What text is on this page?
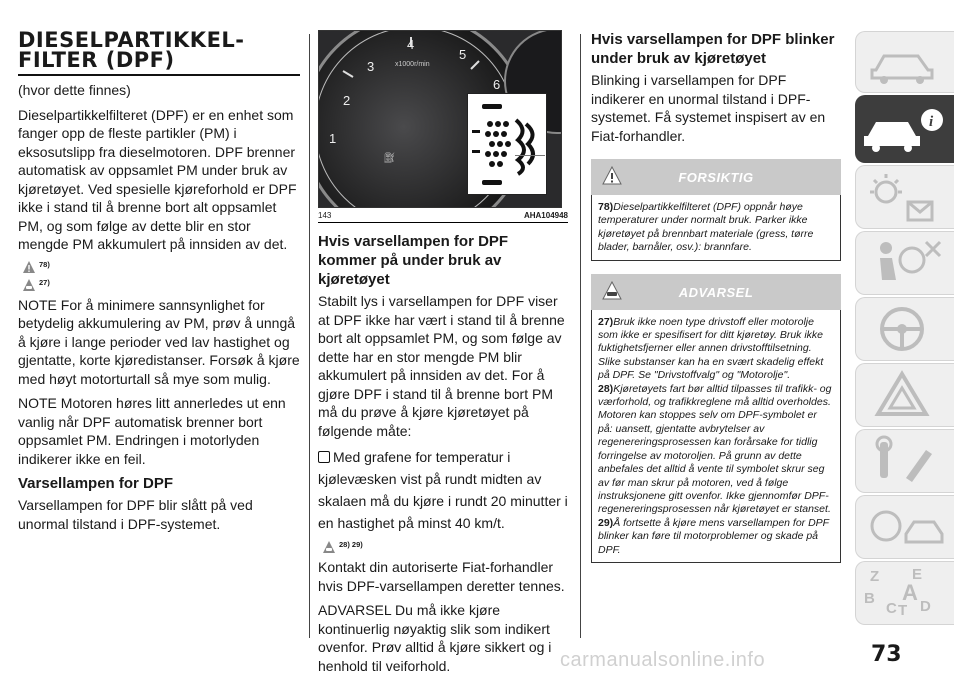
DIESELPARTIKKEL-FILTER (DPF)

(hvor dette finnes)

Dieselpartikkelfilteret (DPF) er en enhet som fanger opp de fleste partikler (PM) i eksosutslipp fra dieselmotoren. DPF brenner automatisk av oppsamlet PM under bruk av kjøretøyet. Ved spesielle kjøreforhold er DPF ikke i stand til å brenne bort alt oppsamlet PM, og som følge av dette blir en stor mengde PM akkumulert på innsiden av det.

78)
27)

NOTE For å minimere sannsynlighet for betydelig akkumulering av PM, prøv å unngå å kjøre i lange perioder ved lav hastighet og gjentatte, korte kjøredistanser. Forsøk å kjøre med høyt motorturtall så mye som mulig.

NOTE Motoren høres litt annerledes ut enn vanlig når DPF automatisk brenner bort oppsamlet PM. Endringen i motorlyden indikerer ikke en feil.

Varsellampen for DPF

Varsellampen for DPF blir slått på ved unormal tilstand i DPF-systemet.

3
4
5
6
2
1
x1000r/min
⛽︎
143	AHA104948
Hvis varsellampen for DPF kommer på under bruk av kjøretøyet

Stabilt lys i varsellampen for DPF viser at DPF ikke har vært i stand til å brenne bort alt oppsamlet PM, og som følge av dette har en stor mengde PM blir akkumulert på innsiden av det. For å gjøre DPF i stand til å brenne bort PM må du prøve å kjøre kjøretøyet på følgende måte:

Med grafene for temperatur i kjølevæsken vist på rundt midten av skalaen må du kjøre i rundt 20 minutter i en hastighet på minst 40 km/t.

28) 29)

Kontakt din autoriserte Fiat-forhandler hvis DPF-varsellampen deretter tennes.

ADVARSEL Du må ikke kjøre kontinuerlig nøyaktig slik som indikert ovenfor. Prøv alltid å kjøre sikkert og i henhold til veiforhold.

Hvis varsellampen for DPF blinker under bruk av kjøretøyet

Blinking i varsellampen for DPF indikerer en unormal tilstand i DPF-systemet. Få systemet inspisert av en Fiat-forhandler.

FORSIKTIG
78)Dieselpartikkelfilteret (DPF) oppnår høye temperaturer under normalt bruk. Parker ikke kjøretøyet på brennbart materiale (gress, tørre blader, barnåler, osv.): brannfare.
ADVARSEL
27)Bruk ikke noen type drivstoff eller motorolje som ikke er spesifisert for ditt kjøretøy. Bruk ikke fuktighetsfjerner eller annen drivstofftilsetning. Slike substanser kan ha en svært skadelig effekt på DPF. Se "Drivstoffvalg" og "Motorolje".
28)Kjøretøyets fart bør alltid tilpasses til trafikk- og værforhold, og trafikkreglene må alltid overholdes. Motoren kan stoppes selv om DPF-symbolet er på: uansett, gjentatte avbrytelser av regenereringsprosessen kan forårsake for tidlig forringelse av motoroljen. På grunn av dette anbefales det alltid å vente til symbolet skrur seg av før man skrur på motoren, ved å følge instruksjonene gitt ovenfor. Ikke gjennomfør DPF-regenereringsprosessen når kjøretøyet er stanset.
29)Å fortsette å kjøre mens varsellampen for DPF blinker kan føre til motorproblemer og skade på DPF.
i
Z E
B
C T
A
D
carmanualsonline.info	73
